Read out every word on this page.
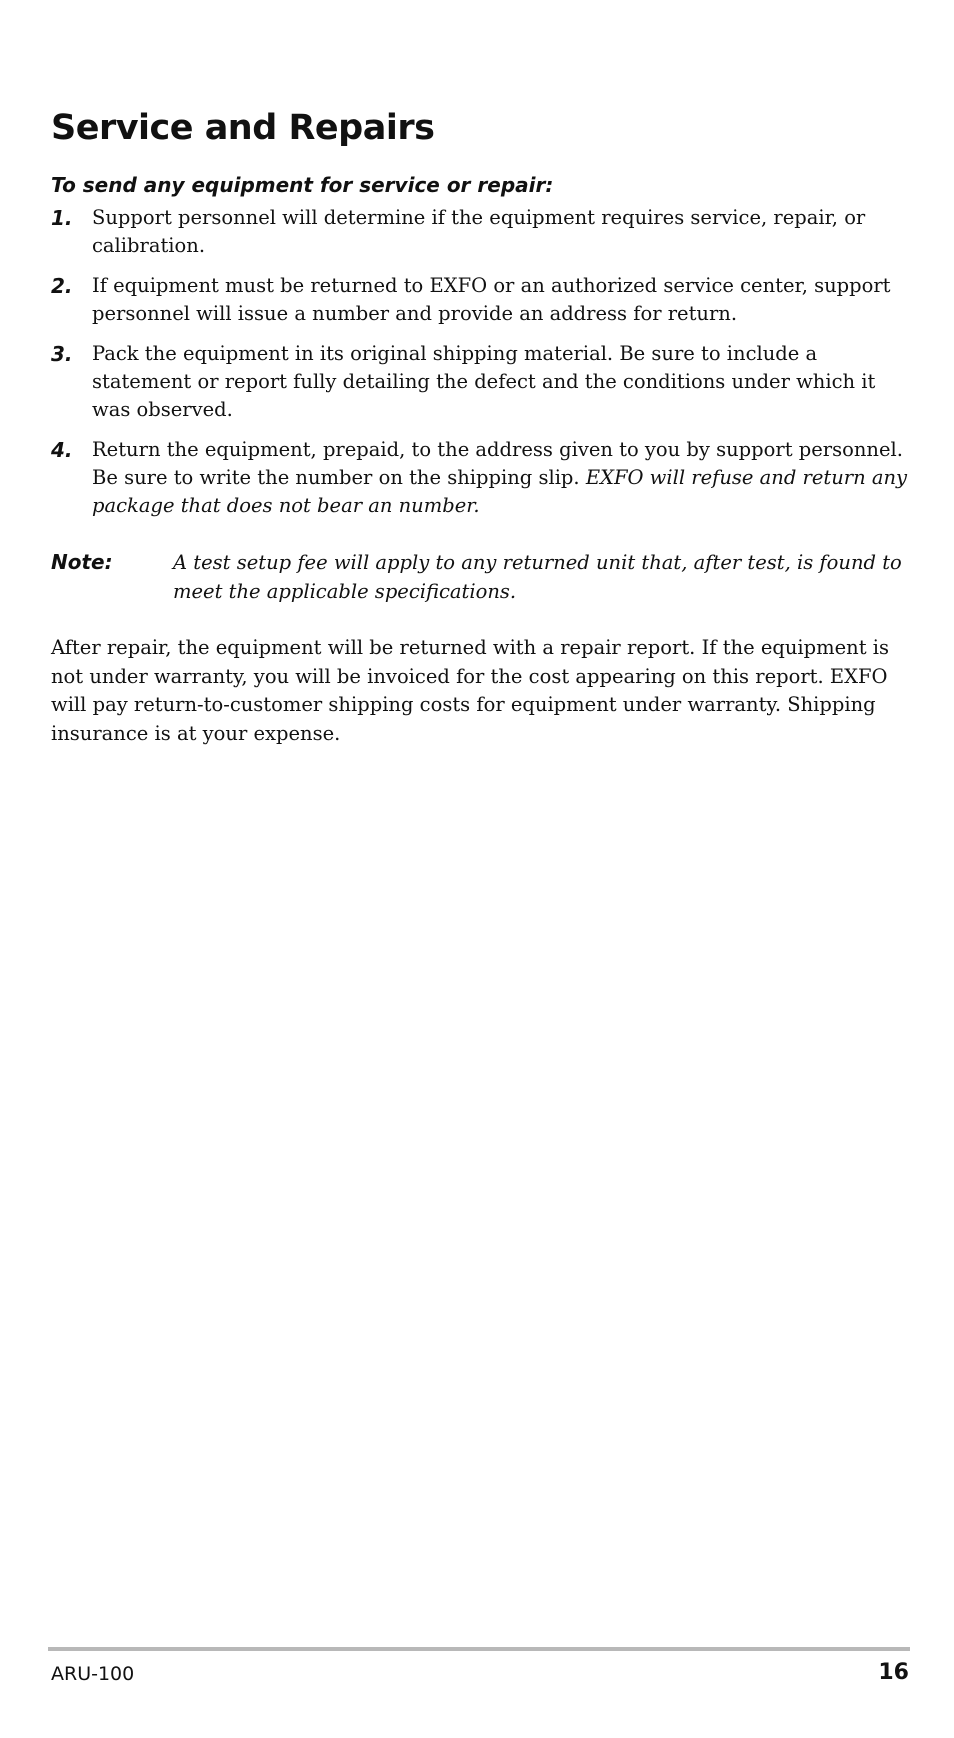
Service and Repairs
To send any equipment for service or repair:
1. Support personnel will determine if the equipment requires service, repair, or calibration.
2. If equipment must be returned to EXFO or an authorized service center, support personnel will issue a number and provide an address for return.
3. Pack the equipment in its original shipping material. Be sure to include a statement or report fully detailing the defect and the conditions under which it was observed.
4. Return the equipment, prepaid, to the address given to you by support personnel. Be sure to write the number on the shipping slip. EXFO will refuse and return any package that does not bear an number.
Note:	A test setup fee will apply to any returned unit that, after test, is found to meet the applicable specifications.

After repair, the equipment will be returned with a repair report. If the equipment is not under warranty, you will be invoiced for the cost appearing on this report. EXFO will pay return-to-customer shipping costs for equipment under warranty. Shipping insurance is at your expense.

ARU-100	16
